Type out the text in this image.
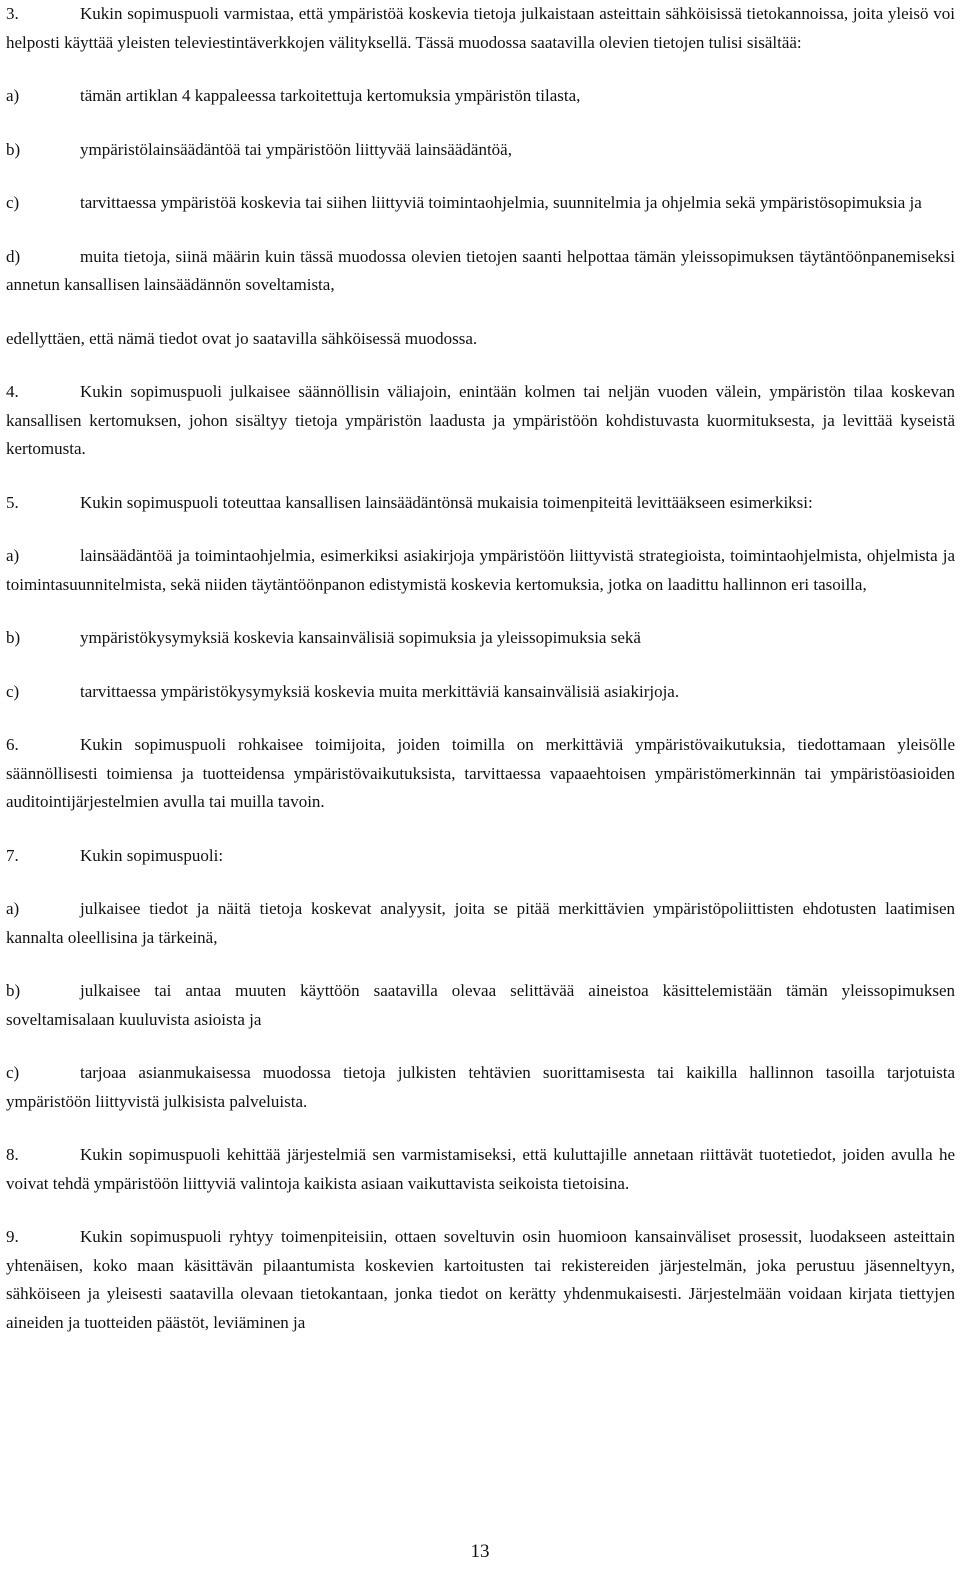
3.	Kukin sopimuspuoli varmistaa, että ympäristöä koskevia tietoja julkaistaan asteittain sähköisissä tietokannoissa, joita yleisö voi helposti käyttää yleisten televiestintäverkkojen välityksellä. Tässä muodossa saatavilla olevien tietojen tulisi sisältää:

a)	tämän artiklan 4 kappaleessa tarkoitettuja kertomuksia ympäristön tilasta,

b)	ympäristölainsäädäntöä tai ympäristöön liittyvää lainsäädäntöä,

c)	tarvittaessa ympäristöä koskevia tai siihen liittyviä toimintaohjelmia, suunnitelmia ja ohjelmia sekä ympäristösopimuksia ja

d)	muita tietoja, siinä määrin kuin tässä muodossa olevien tietojen saanti helpottaa tämän yleissopimuksen täytäntöönpanemiseksi annetun kansallisen lainsäädännön soveltamista,

edellyttäen, että nämä tiedot ovat jo saatavilla sähköisessä muodossa.

4.	Kukin sopimuspuoli julkaisee säännöllisin väliajoin, enintään kolmen tai neljän vuoden välein, ympäristön tilaa koskevan kansallisen kertomuksen, johon sisältyy tietoja ympäristön laadusta ja ympäristöön kohdistuvasta kuormituksesta, ja levittää kyseistä kertomusta.

5.	Kukin sopimuspuoli toteuttaa kansallisen lainsäädäntönsä mukaisia toimenpiteitä levittääkseen esimerkiksi:

a)	lainsäädäntöä ja toimintaohjelmia, esimerkiksi asiakirjoja ympäristöön liittyvistä strategioista, toimintaohjelmista, ohjelmista ja toimintasuunnitelmista, sekä niiden täytäntöönpanon edistymistä koskevia kertomuksia, jotka on laadittu hallinnon eri tasoilla,

b)	ympäristökysymyksiä koskevia kansainvälisiä sopimuksia ja yleissopimuksia sekä

c)	tarvittaessa ympäristökysymyksiä koskevia muita merkittäviä kansainvälisiä asiakirjoja.

6.	Kukin sopimuspuoli rohkaisee toimijoita, joiden toimilla on merkittäviä ympäristövaikutuksia, tiedottamaan yleisölle säännöllisesti toimiensa ja tuotteidensa ympäristövaikutuksista, tarvittaessa vapaaehtoisen ympäristömerkinnän tai ympäristöasioiden auditointijärjestelmien avulla tai muilla tavoin.

7.	Kukin sopimuspuoli:

a)	julkaisee tiedot ja näitä tietoja koskevat analyysit, joita se pitää merkittävien ympäristöpoliittisten ehdotusten laatimisen kannalta oleellisina ja tärkeinä,

b)	julkaisee tai antaa muuten käyttöön saatavilla olevaa selittävää aineistoa käsittelemistään tämän yleissopimuksen soveltamisalaan kuuluvista asioista ja

c)	tarjoaa asianmukaisessa muodossa tietoja julkisten tehtävien suorittamisesta tai kaikilla hallinnon tasoilla tarjotuista ympäristöön liittyvistä julkisista palveluista.

8.	Kukin sopimuspuoli kehittää järjestelmiä sen varmistamiseksi, että kuluttajille annetaan riittävät tuotetiedot, joiden avulla he voivat tehdä ympäristöön liittyviä valintoja kaikista asiaan vaikuttavista seikoista tietoisina.

9.	Kukin sopimuspuoli ryhtyy toimenpiteisiin, ottaen soveltuvin osin huomioon kansainväliset prosessit, luodakseen asteittain yhtenäisen, koko maan käsittävän pilaantumista koskevien kartoitusten tai rekistereiden järjestelmän, joka perustuu jäsenneltyyn, sähköiseen ja yleisesti saatavilla olevaan tietokantaan, jonka tiedot on kerätty yhdenmukaisesti. Järjestelmään voidaan kirjata tiettyjen aineiden ja tuotteiden päästöt, leviäminen ja

13
